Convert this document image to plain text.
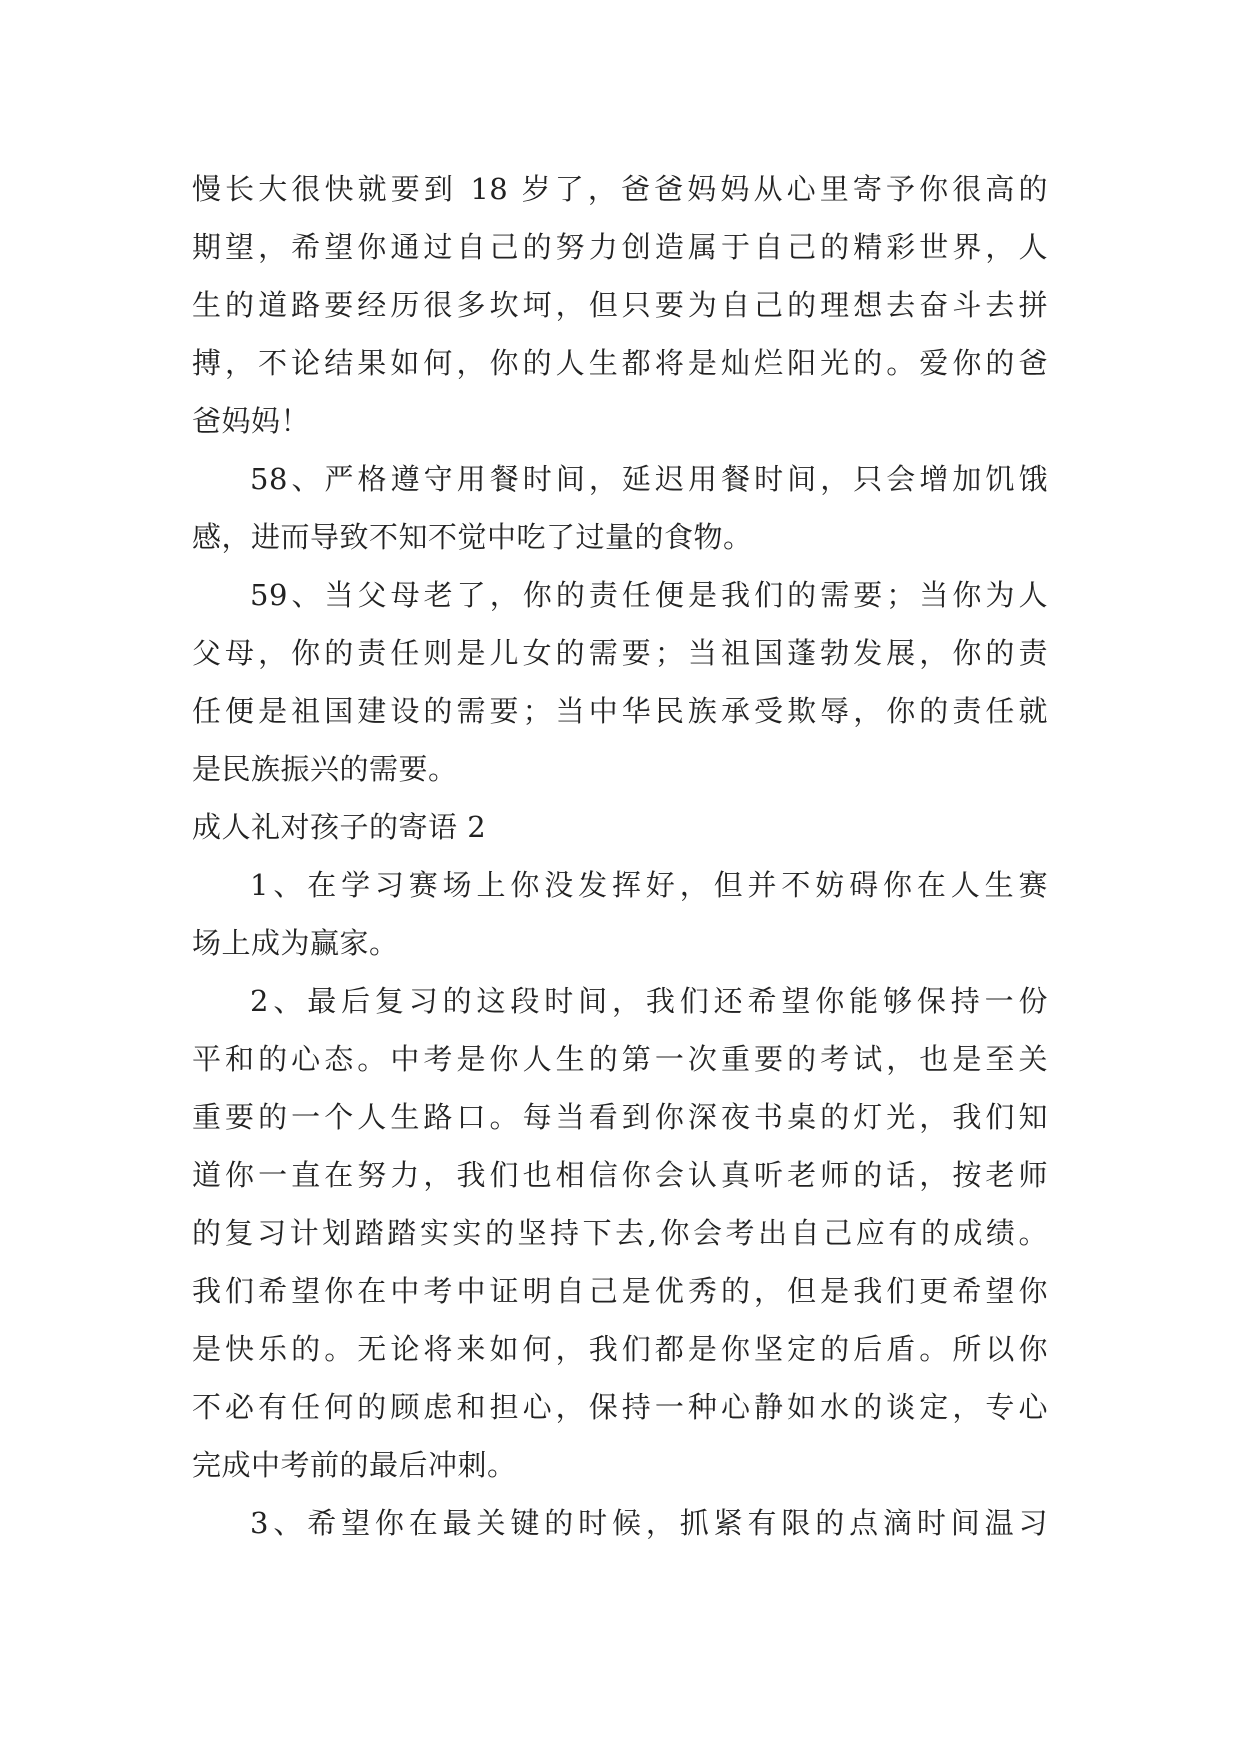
慢长大很快就要到 18 岁了，爸爸妈妈从心里寄予你很高的
期望，希望你通过自己的努力创造属于自己的精彩世界，人
生的道路要经历很多坎坷，但只要为自己的理想去奋斗去拼
搏，不论结果如何，你的人生都将是灿烂阳光的。爱你的爸
爸妈妈！
58、严格遵守用餐时间，延迟用餐时间，只会增加饥饿
感，进而导致不知不觉中吃了过量的食物。
59、当父母老了，你的责任便是我们的需要；当你为人
父母，你的责任则是儿女的需要；当祖国蓬勃发展，你的责
任便是祖国建设的需要；当中华民族承受欺辱，你的责任就
是民族振兴的需要。
成人礼对孩子的寄语 2
1、在学习赛场上你没发挥好，但并不妨碍你在人生赛
场上成为赢家。
2、最后复习的这段时间，我们还希望你能够保持一份
平和的心态。中考是你人生的第一次重要的考试，也是至关
重要的一个人生路口。每当看到你深夜书桌的灯光，我们知
道你一直在努力，我们也相信你会认真听老师的话，按老师
的复习计划踏踏实实的坚持下去,你会考出自己应有的成绩。
我们希望你在中考中证明自己是优秀的，但是我们更希望你
是快乐的。无论将来如何，我们都是你坚定的后盾。所以你
不必有任何的顾虑和担心，保持一种心静如水的谈定，专心
完成中考前的最后冲刺。
3、希望你在最关键的时候，抓紧有限的点滴时间温习
